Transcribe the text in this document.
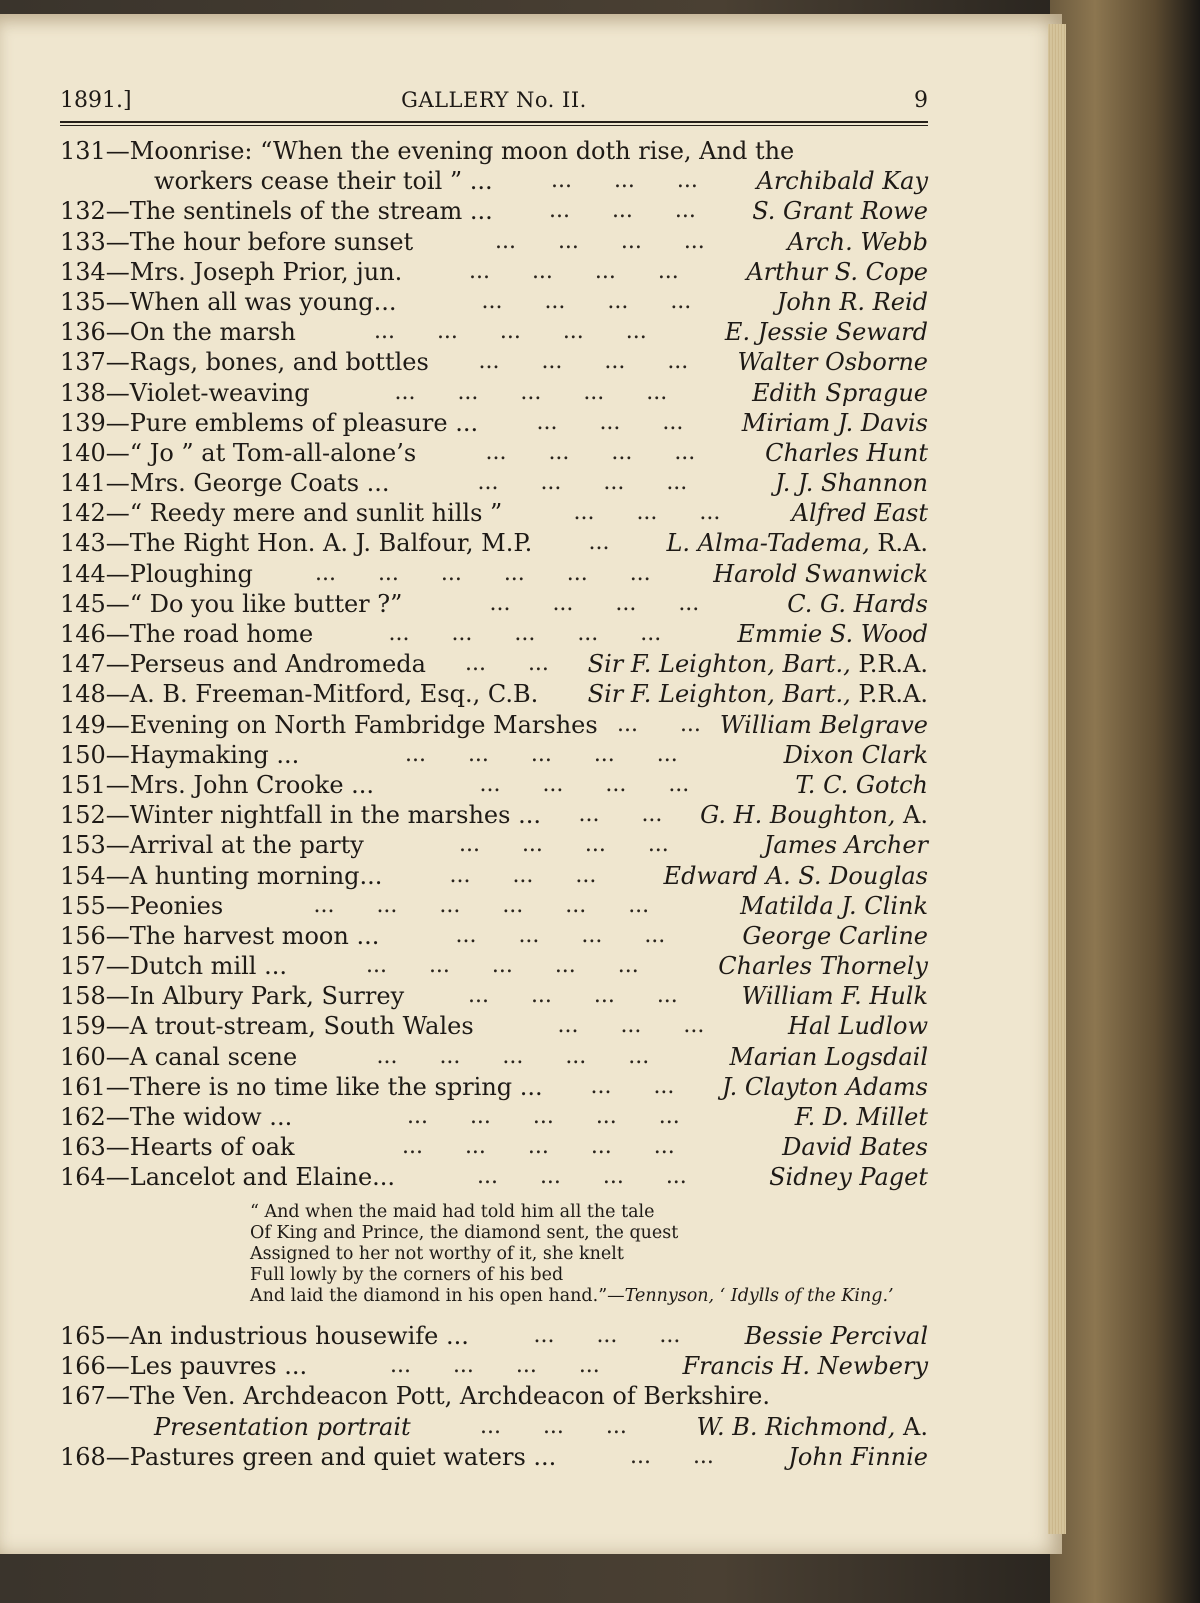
1891.]	GALLERY No. II.	9
131—Moonrise: “When the evening moon doth rise, And the
workers cease their toil ” ...	...      ...      ... Archibald Kay
132—The sentinels of the stream ...	...      ...      ... S. Grant Rowe
133—The hour before sunset	...      ...      ...      ...	Arch. Webb
134—Mrs. Joseph Prior, jun.	...      ...      ...      ...	Arthur S. Cope
135—When all was young...	...      ...      ...      ...	John R. Reid
136—On the marsh	...      ...      ...      ...      ...	E. Jessie Seward
137—Rags, bones, and bottles ...      ...      ...      ... Walter Osborne
138—Violet-weaving	...      ...      ...      ...      ...	Edith Sprague
139—Pure emblems of pleasure ...	...      ...      ... Miriam J. Davis
140—“ Jo ” at Tom-all-alone’s	...      ...      ...      ...	Charles Hunt
141—Mrs. George Coats ...	...      ...      ...      ...	J. J. Shannon
142—“ Reedy mere and sunlit hills ”	...      ...      ...	Alfred East
143—The Right Hon. A. J. Balfour, M.P.	... L. Alma-Tadema, R.A.
144—Ploughing	...      ...      ...      ...      ...      ...	Harold Swanwick
145—“ Do you like butter ?”	...      ...      ...      ...	C. G. Hards
146—The road home	...      ...      ...      ...      ...	Emmie S. Wood
147—Perseus and Andromeda ...      ... Sir F. Leighton, Bart., P.R.A.
148—A. B. Freeman-Mitford, Esq., C.B. Sir F. Leighton, Bart., P.R.A.
149—Evening on North Fambridge Marshes ...      ... William Belgrave
150—Haymaking ...	...      ...      ...      ...      ...	Dixon Clark
151—Mrs. John Crooke ...	...      ...      ...      ...	T. C. Gotch
152—Winter nightfall in the marshes ... ...      ... G. H. Boughton, A.
153—Arrival at the party	...      ...      ...      ...	James Archer
154—A hunting morning...	...      ...      ...	Edward A. S. Douglas
155—Peonies	...      ...      ...      ...      ...      ...	Matilda J. Clink
156—The harvest moon ...	...      ...      ...      ...	George Carline
157—Dutch mill ...	...      ...      ...      ...      ...	Charles Thornely
158—In Albury Park, Surrey	...      ...      ...      ...	William F. Hulk
159—A trout-stream, South Wales	...      ...      ...	Hal Ludlow
160—A canal scene	...      ...      ...      ...      ...	Marian Logsdail
161—There is no time like the spring ... ...      ... J. Clayton Adams
162—The widow ...	...      ...      ...      ...      ...	F. D. Millet
163—Hearts of oak	...      ...      ...      ...      ...	David Bates
164—Lancelot and Elaine...	...      ...      ...      ...	Sidney Paget
“ And when the maid had told him all the tale
Of King and Prince, the diamond sent, the quest
Assigned to her not worthy of it, she knelt
Full lowly by the corners of his bed
And laid the diamond in his open hand.”—Tennyson, ‘ Idylls of the King.’
165—An industrious housewife ...	...      ...      ...	Bessie Percival
166—Les pauvres ...	...      ...      ...      ...	Francis H. Newbery
167—The Ven. Archdeacon Pott, Archdeacon of Berkshire.
Presentation portrait	...      ...      ...	W. B. Richmond, A.
168—Pastures green and quiet waters ...	...      ...	John Finnie
